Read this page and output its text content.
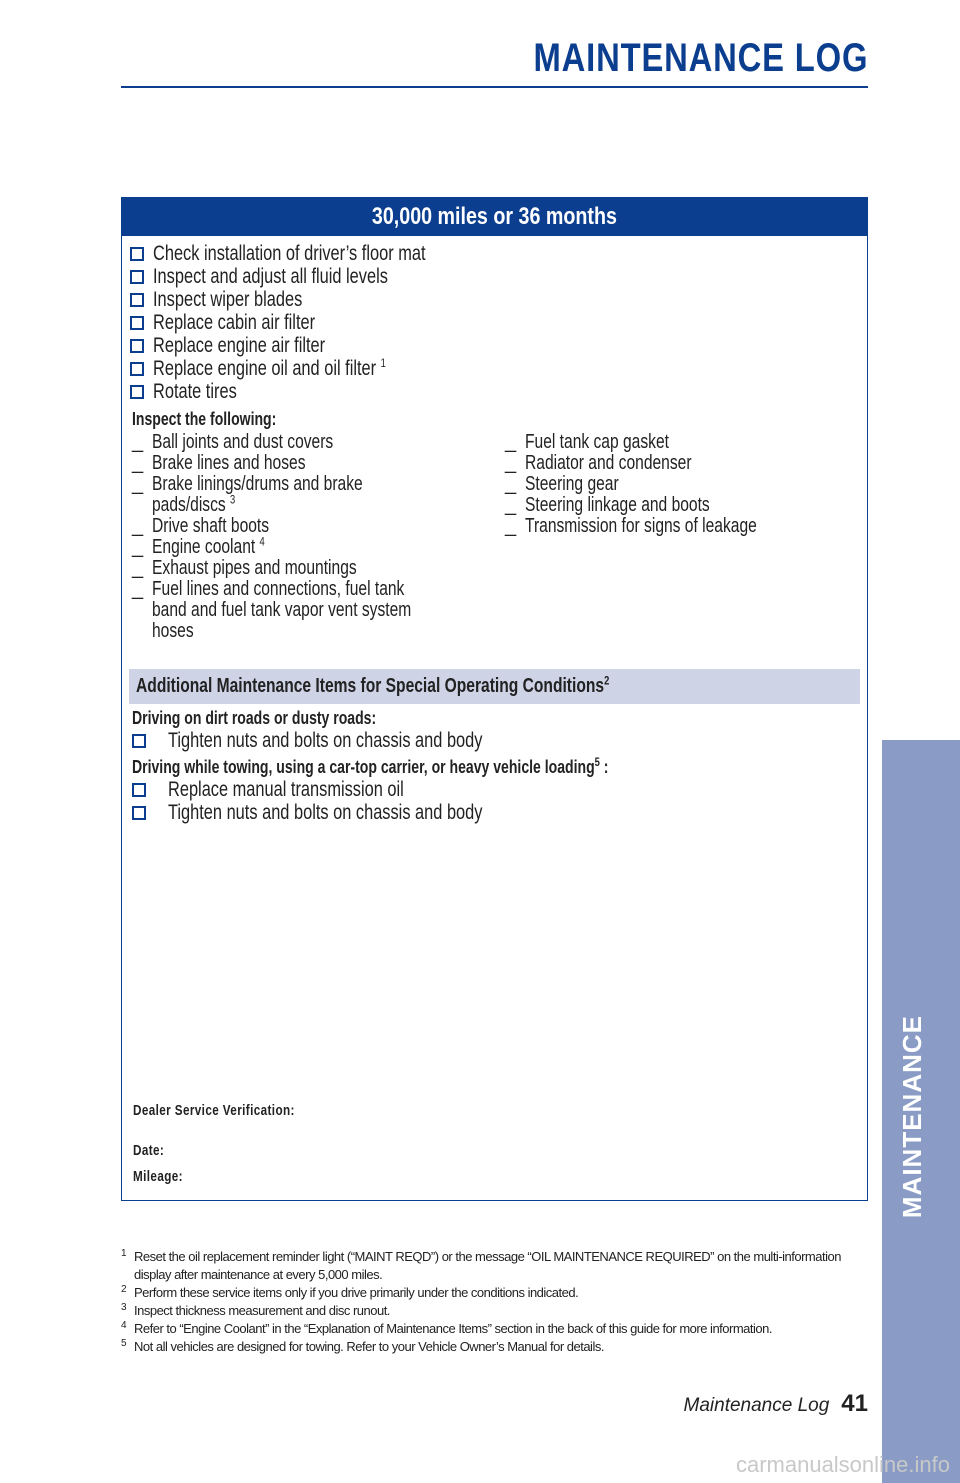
MAINTENANCE LOG
30,000 miles or 36 months
Check installation of driver’s floor mat
Inspect and adjust all fluid levels
Inspect wiper blades
Replace cabin air filter
Replace engine air filter
Replace engine oil and oil filter $^1$
Rotate tires
Inspect the following:
_ Ball joints and dust covers
_ Brake lines and hoses
_ Brake linings/drums and brake
pads/discs $^3$
_ Drive shaft boots
_ Engine coolant $^4$
_ Exhaust pipes and mountings
_ Fuel lines and connections, fuel tank
band and fuel tank vapor vent system
hoses
_ Fuel tank cap gasket
_ Radiator and condenser
_ Steering gear
_ Steering linkage and boots
_ Transmission for signs of leakage
Additional Maintenance Items for Special Operating Conditions$^2$
Driving on dirt roads or dusty roads:
Tighten nuts and bolts on chassis and body
Driving while towing, using a car-top carrier, or heavy vehicle loading$^5$ :
Replace manual transmission oil
Tighten nuts and bolts on chassis and body
Dealer Service Verification:
Date:
Mileage:
1 Reset the oil replacement reminder light (“MAINT REQD”) or the message “OIL MAINTENANCE REQUIRED” on the multi-information display after maintenance at every 5,000 miles.
2 Perform these service items only if you drive primarily under the conditions indicated.
3 Inspect thickness measurement and disc runout.
4 Refer to “Engine Coolant” in the “Explanation of Maintenance Items” section in the back of this guide for more information.
5 Not all vehicles are designed for towing. Refer to your Vehicle Owner’s Manual for details.
MAINTENANCE
Maintenance Log 41
carmanualsonline.info
